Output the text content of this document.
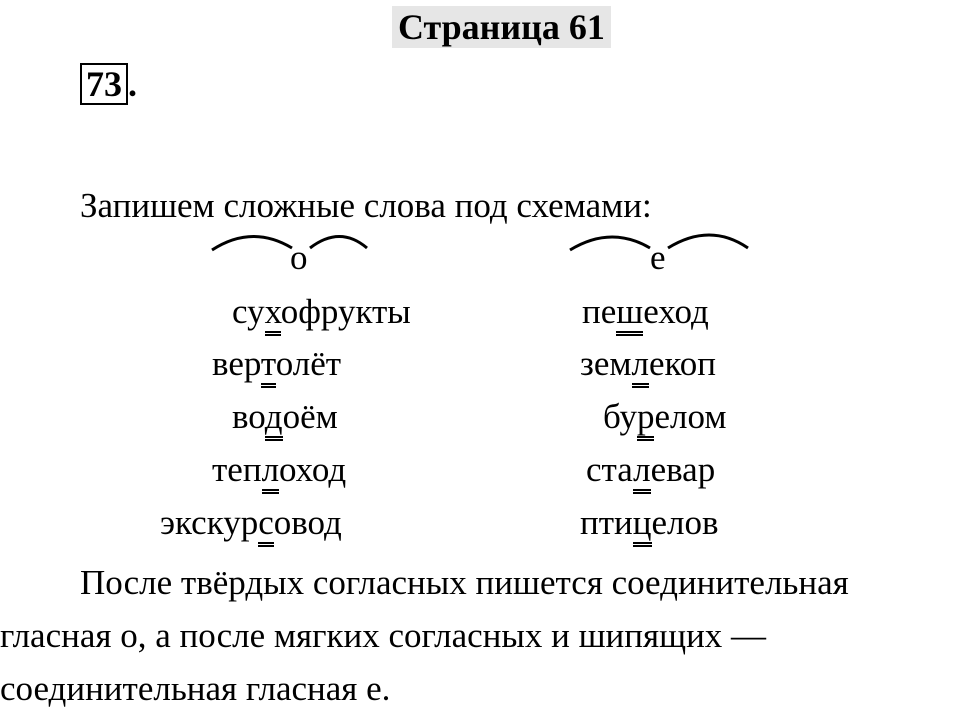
Страница 61
73 .
Запишем сложные слова под схемами:
о	е
сухофрукты
вертолёт
водоём
теплоход
экскурсовод
пешеход
землекоп
бурелом
сталевар
птицелов

После твёрдых согласных пишется соединительная

гласная о, а после мягких согласных и шипящих —

соединительная гласная е.
